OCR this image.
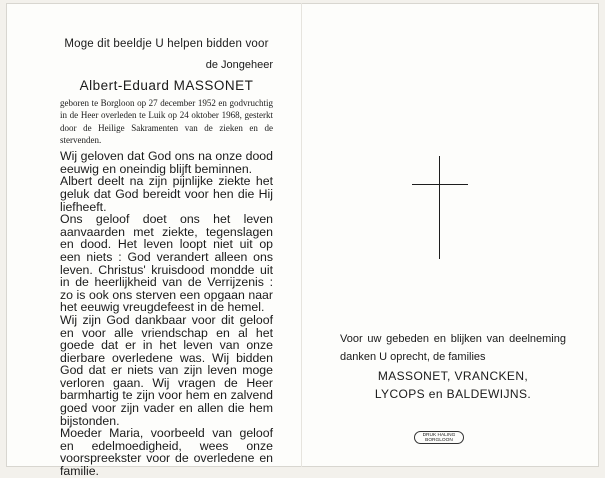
Moge dit beeldje U helpen bidden voor

de Jongeheer

Albert-Eduard MASSONET

geboren te Borgloon op 27 december 1952 en godvruchtig in de Heer overleden te Luik op 24 oktober 1968, gesterkt door de Heilige Sakramenten van de zieken en de stervenden.

Wij geloven dat God ons na onze dood eeuwig en oneindig blijft beminnen.

Albert deelt na zijn pijnlijke ziekte het geluk dat God bereidt voor hen die Hij liefheeft.

Ons geloof doet ons het leven aanvaarden met ziekte, tegenslagen en dood. Het leven loopt niet uit op een niets : God verandert alleen ons leven. Christus' kruisdood mondde uit in de heerlijkheid van de Verrijzenis : zo is ook ons sterven een opgaan naar het eeuwig vreugdefeest in de hemel.

Wij zijn God dankbaar voor dit geloof en voor alle vriendschap en al het goede dat er in het leven van onze dierbare overledene was. Wij bidden God dat er niets van zijn leven moge verloren gaan. Wij vragen de Heer barmhartig te zijn voor hem en zalvend goed voor zijn vader en allen die hem bijstonden.

Moeder Maria, voorbeeld van geloof en edelmoedigheid, wees onze voorspreekster voor de overledene en familie.

Voor uw gebeden en blijken van deelneming danken U oprecht, de families

MASSONET, VRANCKEN,

LYCOPS en BALDEWIJNS.

DRUK HALING
BORGLOON
